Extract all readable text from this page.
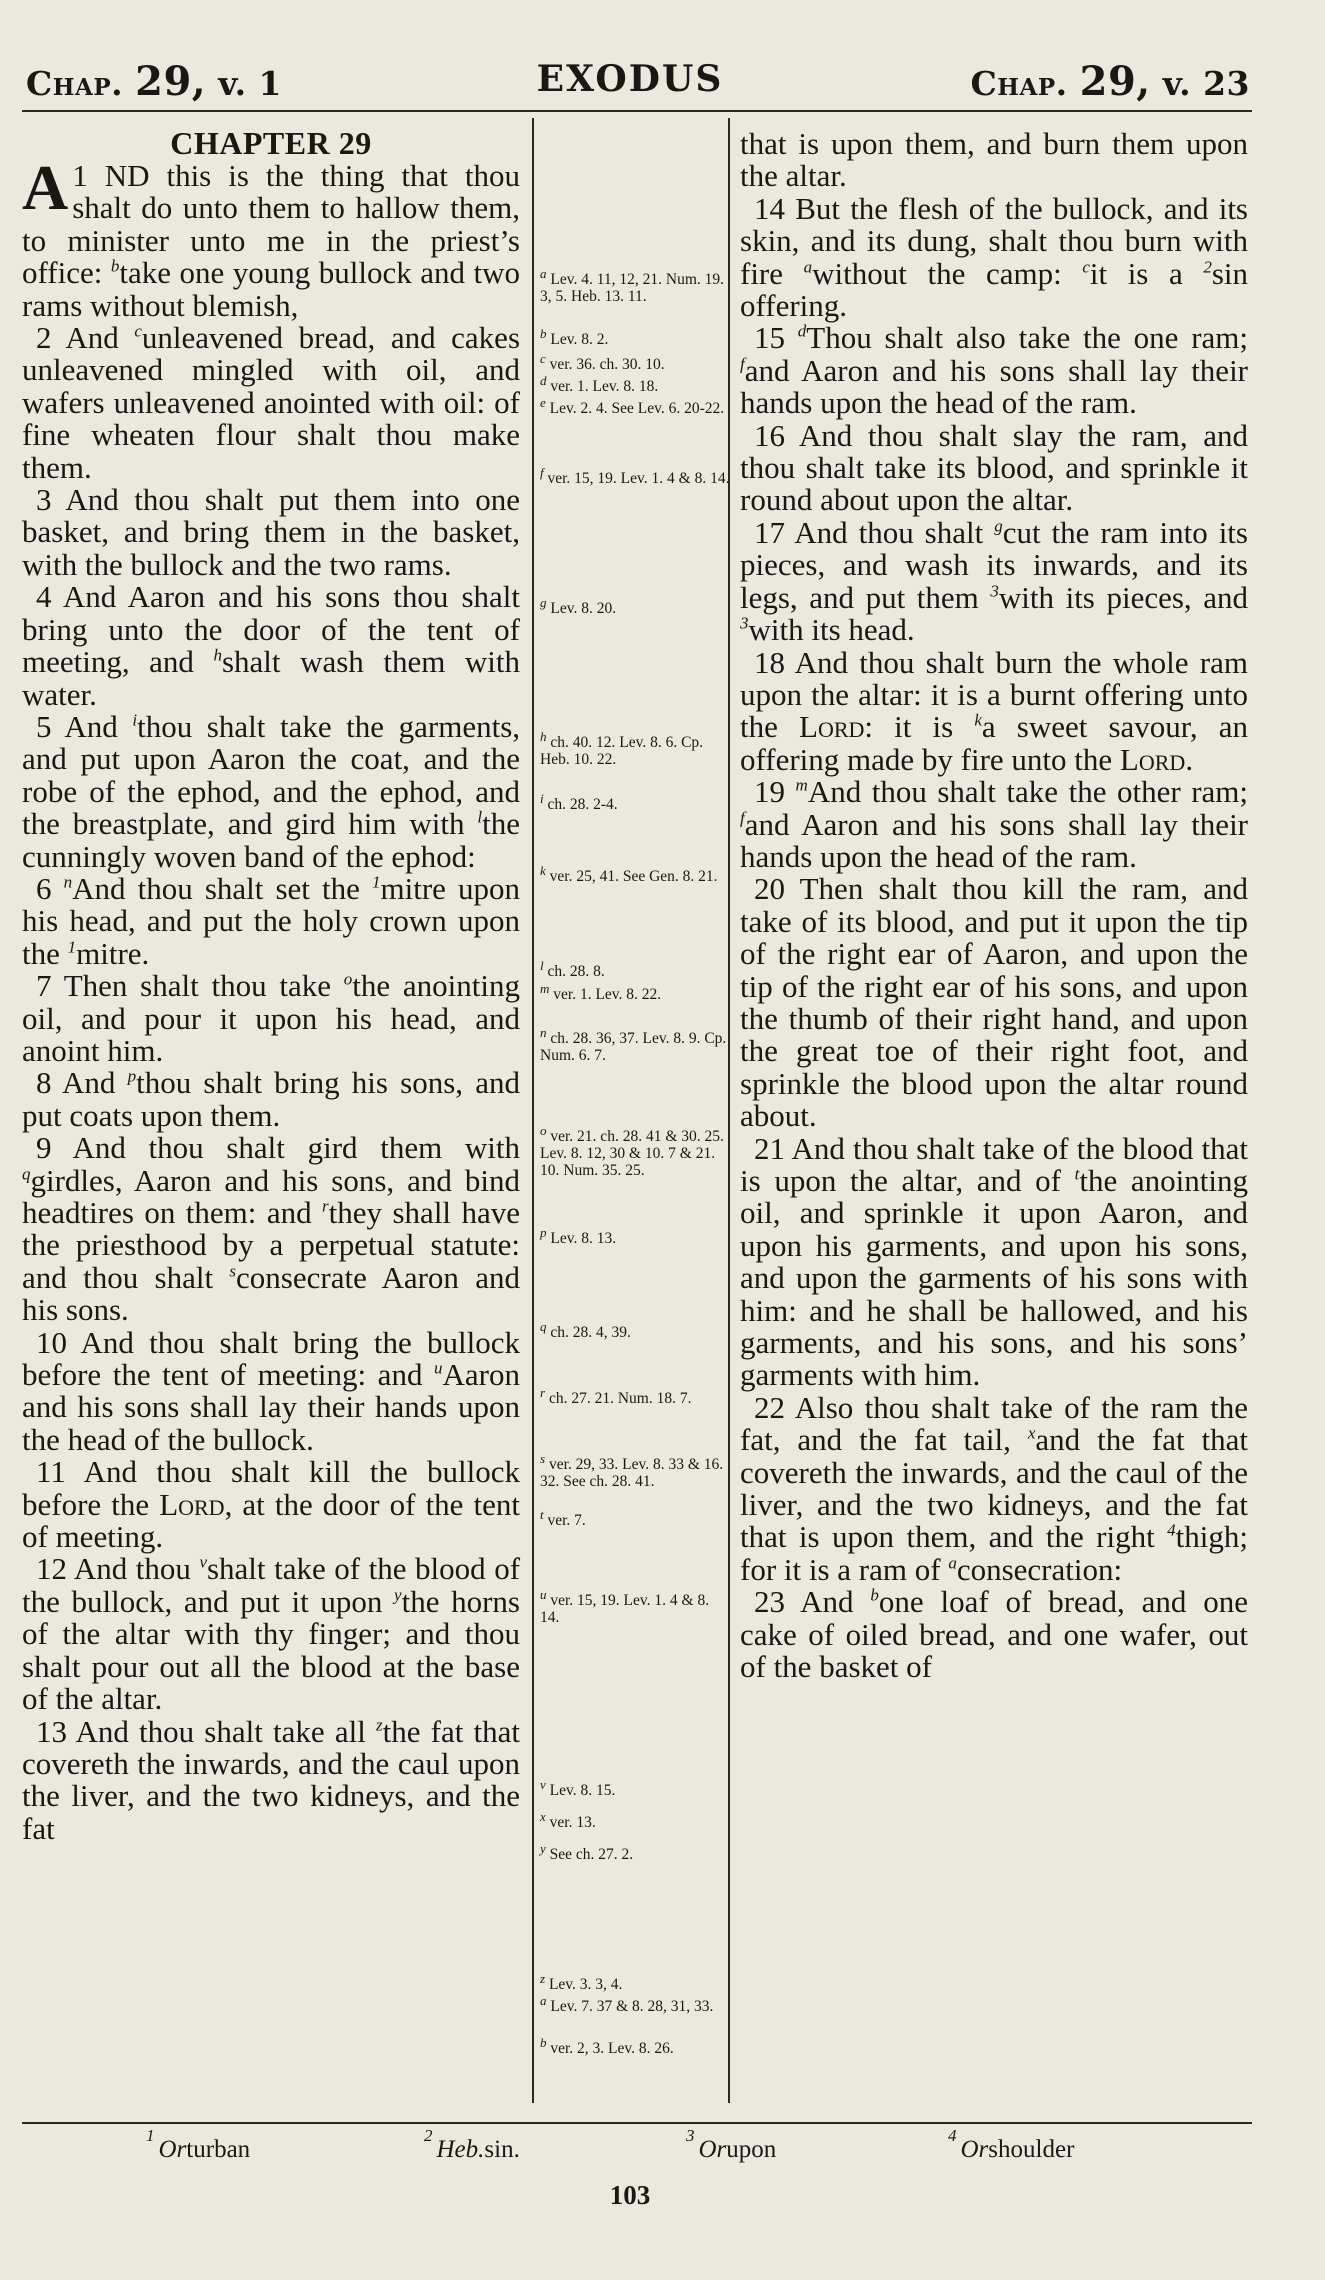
Chap. 29, v. 1	EXODUS	Chap. 29, v. 23
CHAPTER 29

1
A ND this is the thing that thou shalt do unto them to hallow them, to minister unto me in the priest’s office: $^b$take one young bullock and two rams without blemish,

2 And $^c$unleavened bread, and cakes unleavened mingled with oil, and wafers unleavened anointed with oil: of fine wheaten flour shalt thou make them.

3 And thou shalt put them into one basket, and bring them in the basket, with the bullock and the two rams.

4 And Aaron and his sons thou shalt bring unto the door of the tent of meeting, and $^h$shalt wash them with water.

5 And $^i$thou shalt take the garments, and put upon Aaron the coat, and the robe of the ephod, and the ephod, and the breastplate, and gird him with $^l$the cunningly woven band of the ephod:

6 $^n$And thou shalt set the $^1$mitre upon his head, and put the holy crown upon the $^1$mitre.

7 Then shalt thou take $^o$the anointing oil, and pour it upon his head, and anoint him.

8 And $^p$thou shalt bring his sons, and put coats upon them.

9 And thou shalt gird them with $^q$girdles, Aaron and his sons, and bind headtires on them: and $^r$they shall have the priesthood by a perpetual statute: and thou shalt $^s$consecrate Aaron and his sons.

10 And thou shalt bring the bullock before the tent of meeting: and $^u$Aaron and his sons shall lay their hands upon the head of the bullock.

11 And thou shalt kill the bullock before the Lord, at the door of the tent of meeting.

12 And thou $^v$shalt take of the blood of the bullock, and put it upon $^y$the horns of the altar with thy finger; and thou shalt pour out all the blood at the base of the altar.

13 And thou shalt take all $^z$the fat that covereth the inwards, and the caul upon the liver, and the two kidneys, and the fat

$^a$ Lev. 4. 11, 12, 21. Num. 19. 3, 5. Heb. 13. 11.
$^b$ Lev. 8. 2.
$^c$ ver. 36. ch. 30. 10.
$^d$ ver. 1. Lev. 8. 18.
$^e$ Lev. 2. 4. See Lev. 6. 20-22.
$^f$ ver. 15, 19. Lev. 1. 4 & 8. 14.
$^g$ Lev. 8. 20.
$^h$ ch. 40. 12. Lev. 8. 6. Cp. Heb. 10. 22.
$^i$ ch. 28. 2-4.
$^k$ ver. 25, 41. See Gen. 8. 21.
$^l$ ch. 28. 8.
$^m$ ver. 1. Lev. 8. 22.
$^n$ ch. 28. 36, 37. Lev. 8. 9. Cp. Num. 6. 7.
$^o$ ver. 21. ch. 28. 41 & 30. 25. Lev. 8. 12, 30 & 10. 7 & 21. 10. Num. 35. 25.
$^p$ Lev. 8. 13.
$^q$ ch. 28. 4, 39.
$^r$ ch. 27. 21. Num. 18. 7.
$^s$ ver. 29, 33. Lev. 8. 33 & 16. 32. See ch. 28. 41.
$^t$ ver. 7.
$^u$ ver. 15, 19. Lev. 1. 4 & 8. 14.
$^v$ Lev. 8. 15.
$^x$ ver. 13.
$^y$ See ch. 27. 2.
$^z$ Lev. 3. 3, 4.
$^a$ Lev. 7. 37 & 8. 28, 31, 33.
$^b$ ver. 2, 3. Lev. 8. 26.

that is upon them, and burn them upon the altar.

14 But the flesh of the bullock, and its skin, and its dung, shalt thou burn with fire $^a$without the camp: $^c$it is a $^2$sin offering.

15 $^d$Thou shalt also take the one ram; $^f$and Aaron and his sons shall lay their hands upon the head of the ram.

16 And thou shalt slay the ram, and thou shalt take its blood, and sprinkle it round about upon the altar.

17 And thou shalt $^g$cut the ram into its pieces, and wash its inwards, and its legs, and put them $^3$with its pieces, and $^3$with its head.

18 And thou shalt burn the whole ram upon the altar: it is a burnt offering unto the Lord: it is $^k$a sweet savour, an offering made by fire unto the Lord.

19 $^m$And thou shalt take the other ram; $^f$and Aaron and his sons shall lay their hands upon the head of the ram.

20 Then shalt thou kill the ram, and take of its blood, and put it upon the tip of the right ear of Aaron, and upon the tip of the right ear of his sons, and upon the thumb of their right hand, and upon the great toe of their right foot, and sprinkle the blood upon the altar round about.

21 And thou shalt take of the blood that is upon the altar, and of $^t$the anointing oil, and sprinkle it upon Aaron, and upon his garments, and upon his sons, and upon the garments of his sons with him: and he shall be hallowed, and his garments, and his sons, and his sons’ garments with him.

22 Also thou shalt take of the ram the fat, and the fat tail, $^x$and the fat that covereth the inwards, and the caul of the liver, and the two kidneys, and the fat that is upon them, and the right $^4$thigh; for it is a ram of $^a$consecration:

23 And $^b$one loaf of bread, and one cake of oiled bread, and one wafer, out of the basket of

1
Or turban
2
Heb. sin.
3
Or upon
4
Or shoulder
103
